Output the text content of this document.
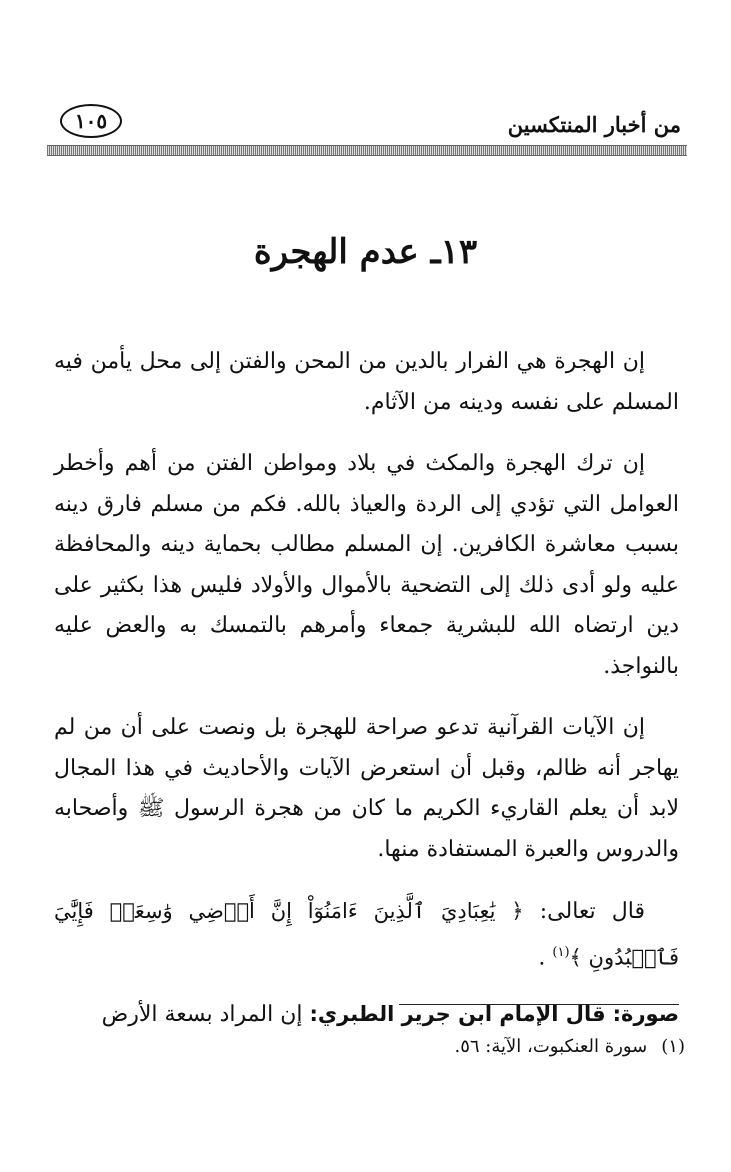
من أخبار المنتكسين
١٠٥
١٣ـ عدم الهجرة

إن الهجرة هي الفرار بالدين من المحن والفتن إلى محل يأمن فيه المسلم على نفسه ودينه من الآثام.

إن ترك الهجرة والمكث في بلاد ومواطن الفتن من أهم وأخطر العوامل التي تؤدي إلى الردة والعياذ بالله. فكم من مسلم فارق دينه بسبب معاشرة الكافرين. إن المسلم مطالب بحماية دينه والمحافظة عليه ولو أدى ذلك إلى التضحية بالأموال والأولاد فليس هذا بكثير على دين ارتضاه الله للبشرية جمعاء وأمرهم بالتمسك به والعض عليه بالنواجذ.

إن الآيات القرآنية تدعو صراحة للهجرة بل ونصت على أن من لم يهاجر أنه ظالم، وقبل أن استعرض الآيات والأحاديث في هذا المجال لابد أن يعلم القاريء الكريم ما كان من هجرة الرسول ﷺ وأصحابه والدروس والعبرة المستفادة منها.

قال تعالى: ﴿ يَٰعِبَادِيَ ٱلَّذِينَ ءَامَنُوٓاْ إِنَّ أَرۡضِي وَٰسِعَةٞ فَإِيَّٰيَ فَٱعۡبُدُونِ ﴾$^{(١)}$ .

صورة: قال الإمام ابن جرير الطبري: إن المراد بسعة الأرض

(١)سورة العنكبوت، الآية: ٥٦.
